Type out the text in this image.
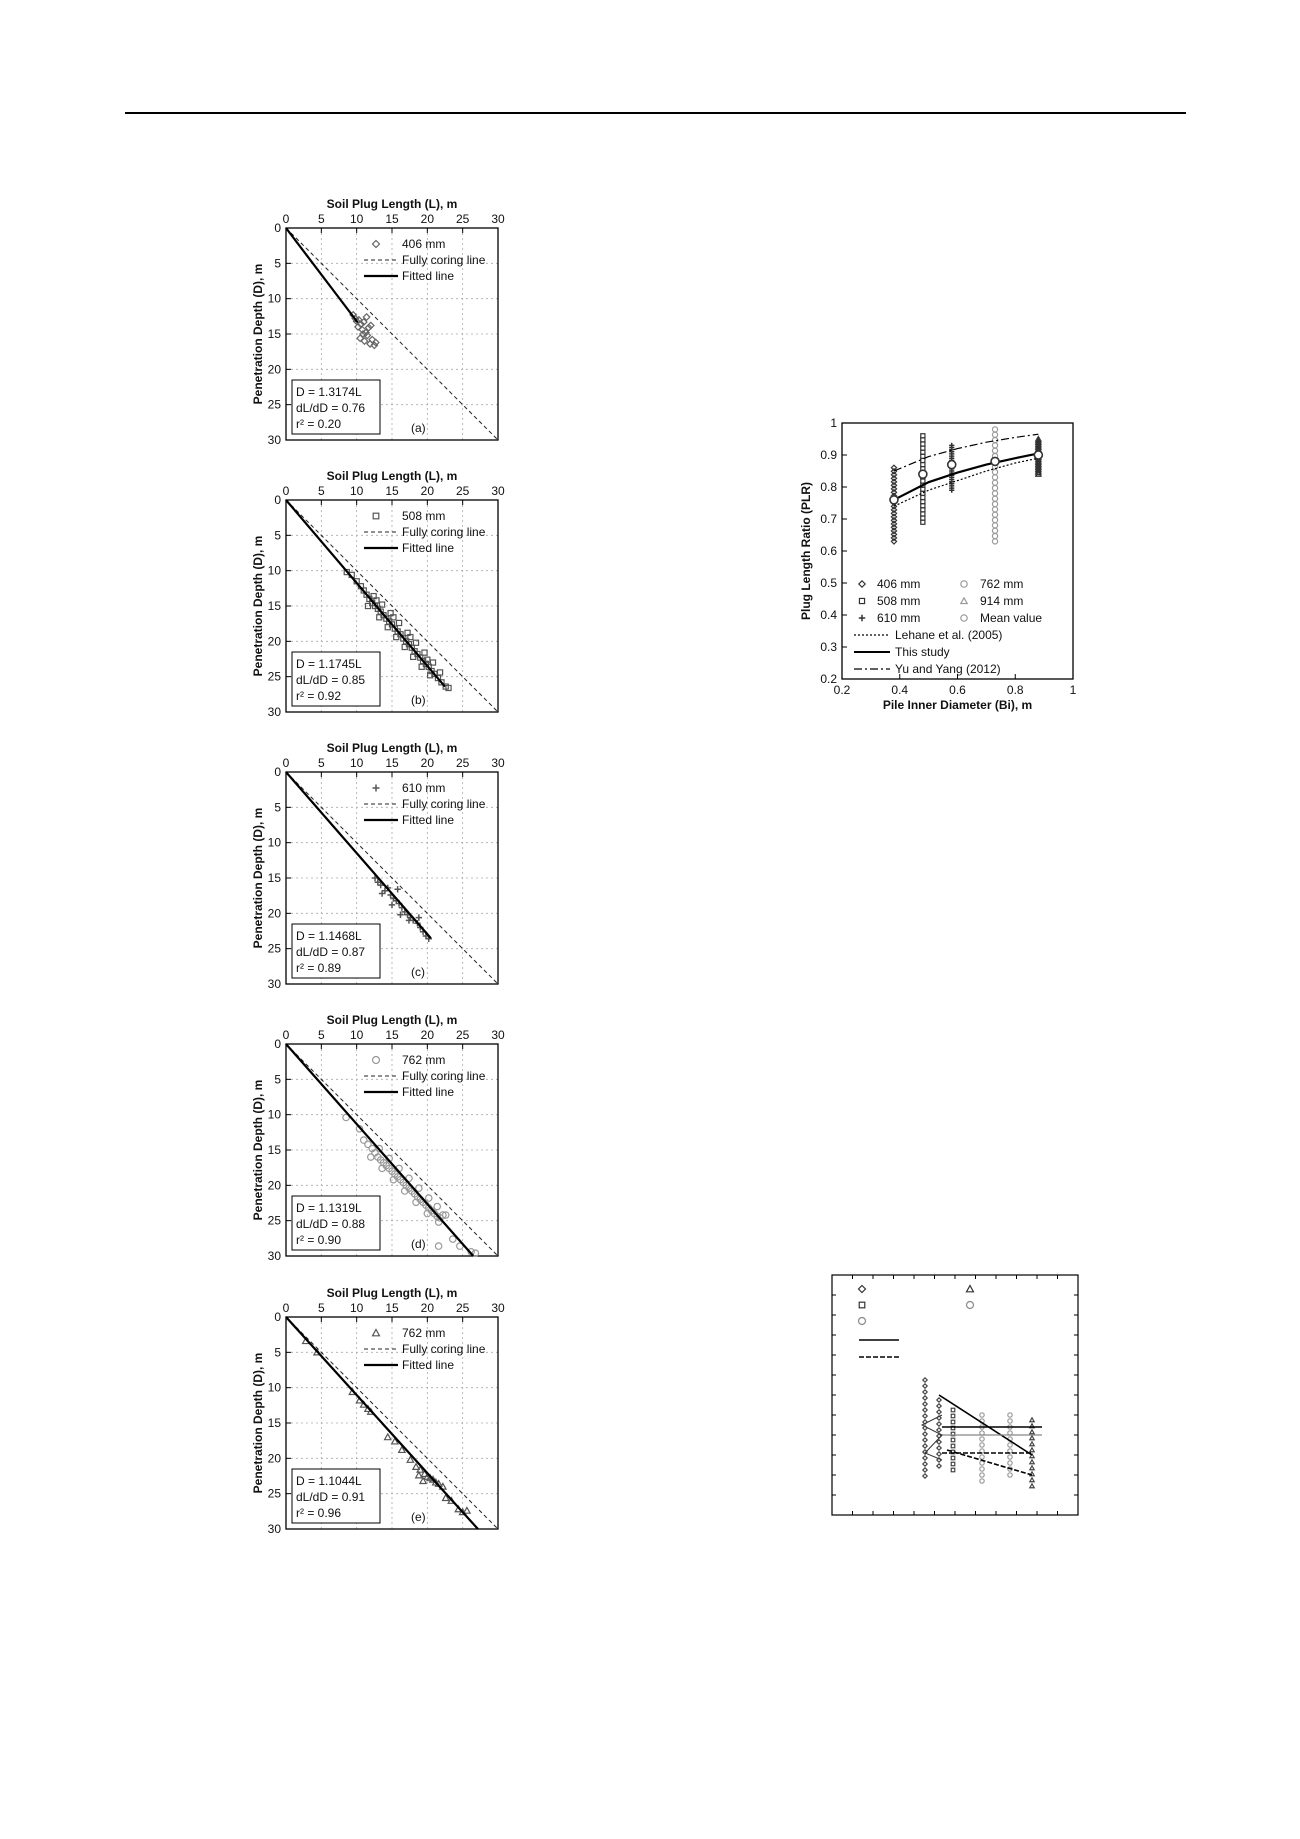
0
0
5
5
10
10
15
15
20
20
25
25
30
30
Soil Plug Length (L), m
Penetration Depth (D), m
406 mm
Fully coring line
Fitted line
D = 1.3174L
dL/dD = 0.76
r² = 0.20	(a)
0
0
5
5
10
10
15
15
20
20
25
25
30
30
Soil Plug Length (L), m
Penetration Depth (D), m
508 mm
Fully coring line
Fitted line
D = 1.1745L
dL/dD = 0.85
r² = 0.92	(b)
0
0
5
5
10
10
15
15
20
20
25
25
30
30
Soil Plug Length (L), m
Penetration Depth (D), m
610 mm
Fully coring line
Fitted line
D = 1.1468L
dL/dD = 0.87
r² = 0.89	(c)
0
0
5
5
10
10
15
15
20
20
25
25
30
30
Soil Plug Length (L), m
Penetration Depth (D), m
762 mm
Fully coring line
Fitted line
D = 1.1319L
dL/dD = 0.88
r² = 0.90	(d)
0
0
5
5
10
10
15
15
20
20
25
25
30
30
Soil Plug Length (L), m
Penetration Depth (D), m
762 mm
Fully coring line
Fitted line
D = 1.1044L
dL/dD = 0.91
r² = 0.96	(e)
0.2	0.4	0.6	0.8	1
0.2
0.3
0.4
0.5
0.6
0.7
0.8
0.9
1
Pile Inner Diameter (Bi), m
Plug Length Ratio (PLR)	406 mm	762 mm
508 mm	914 mm
610 mm	Mean value
Lehane et al. (2005)
This study
Yu and Yang (2012)
